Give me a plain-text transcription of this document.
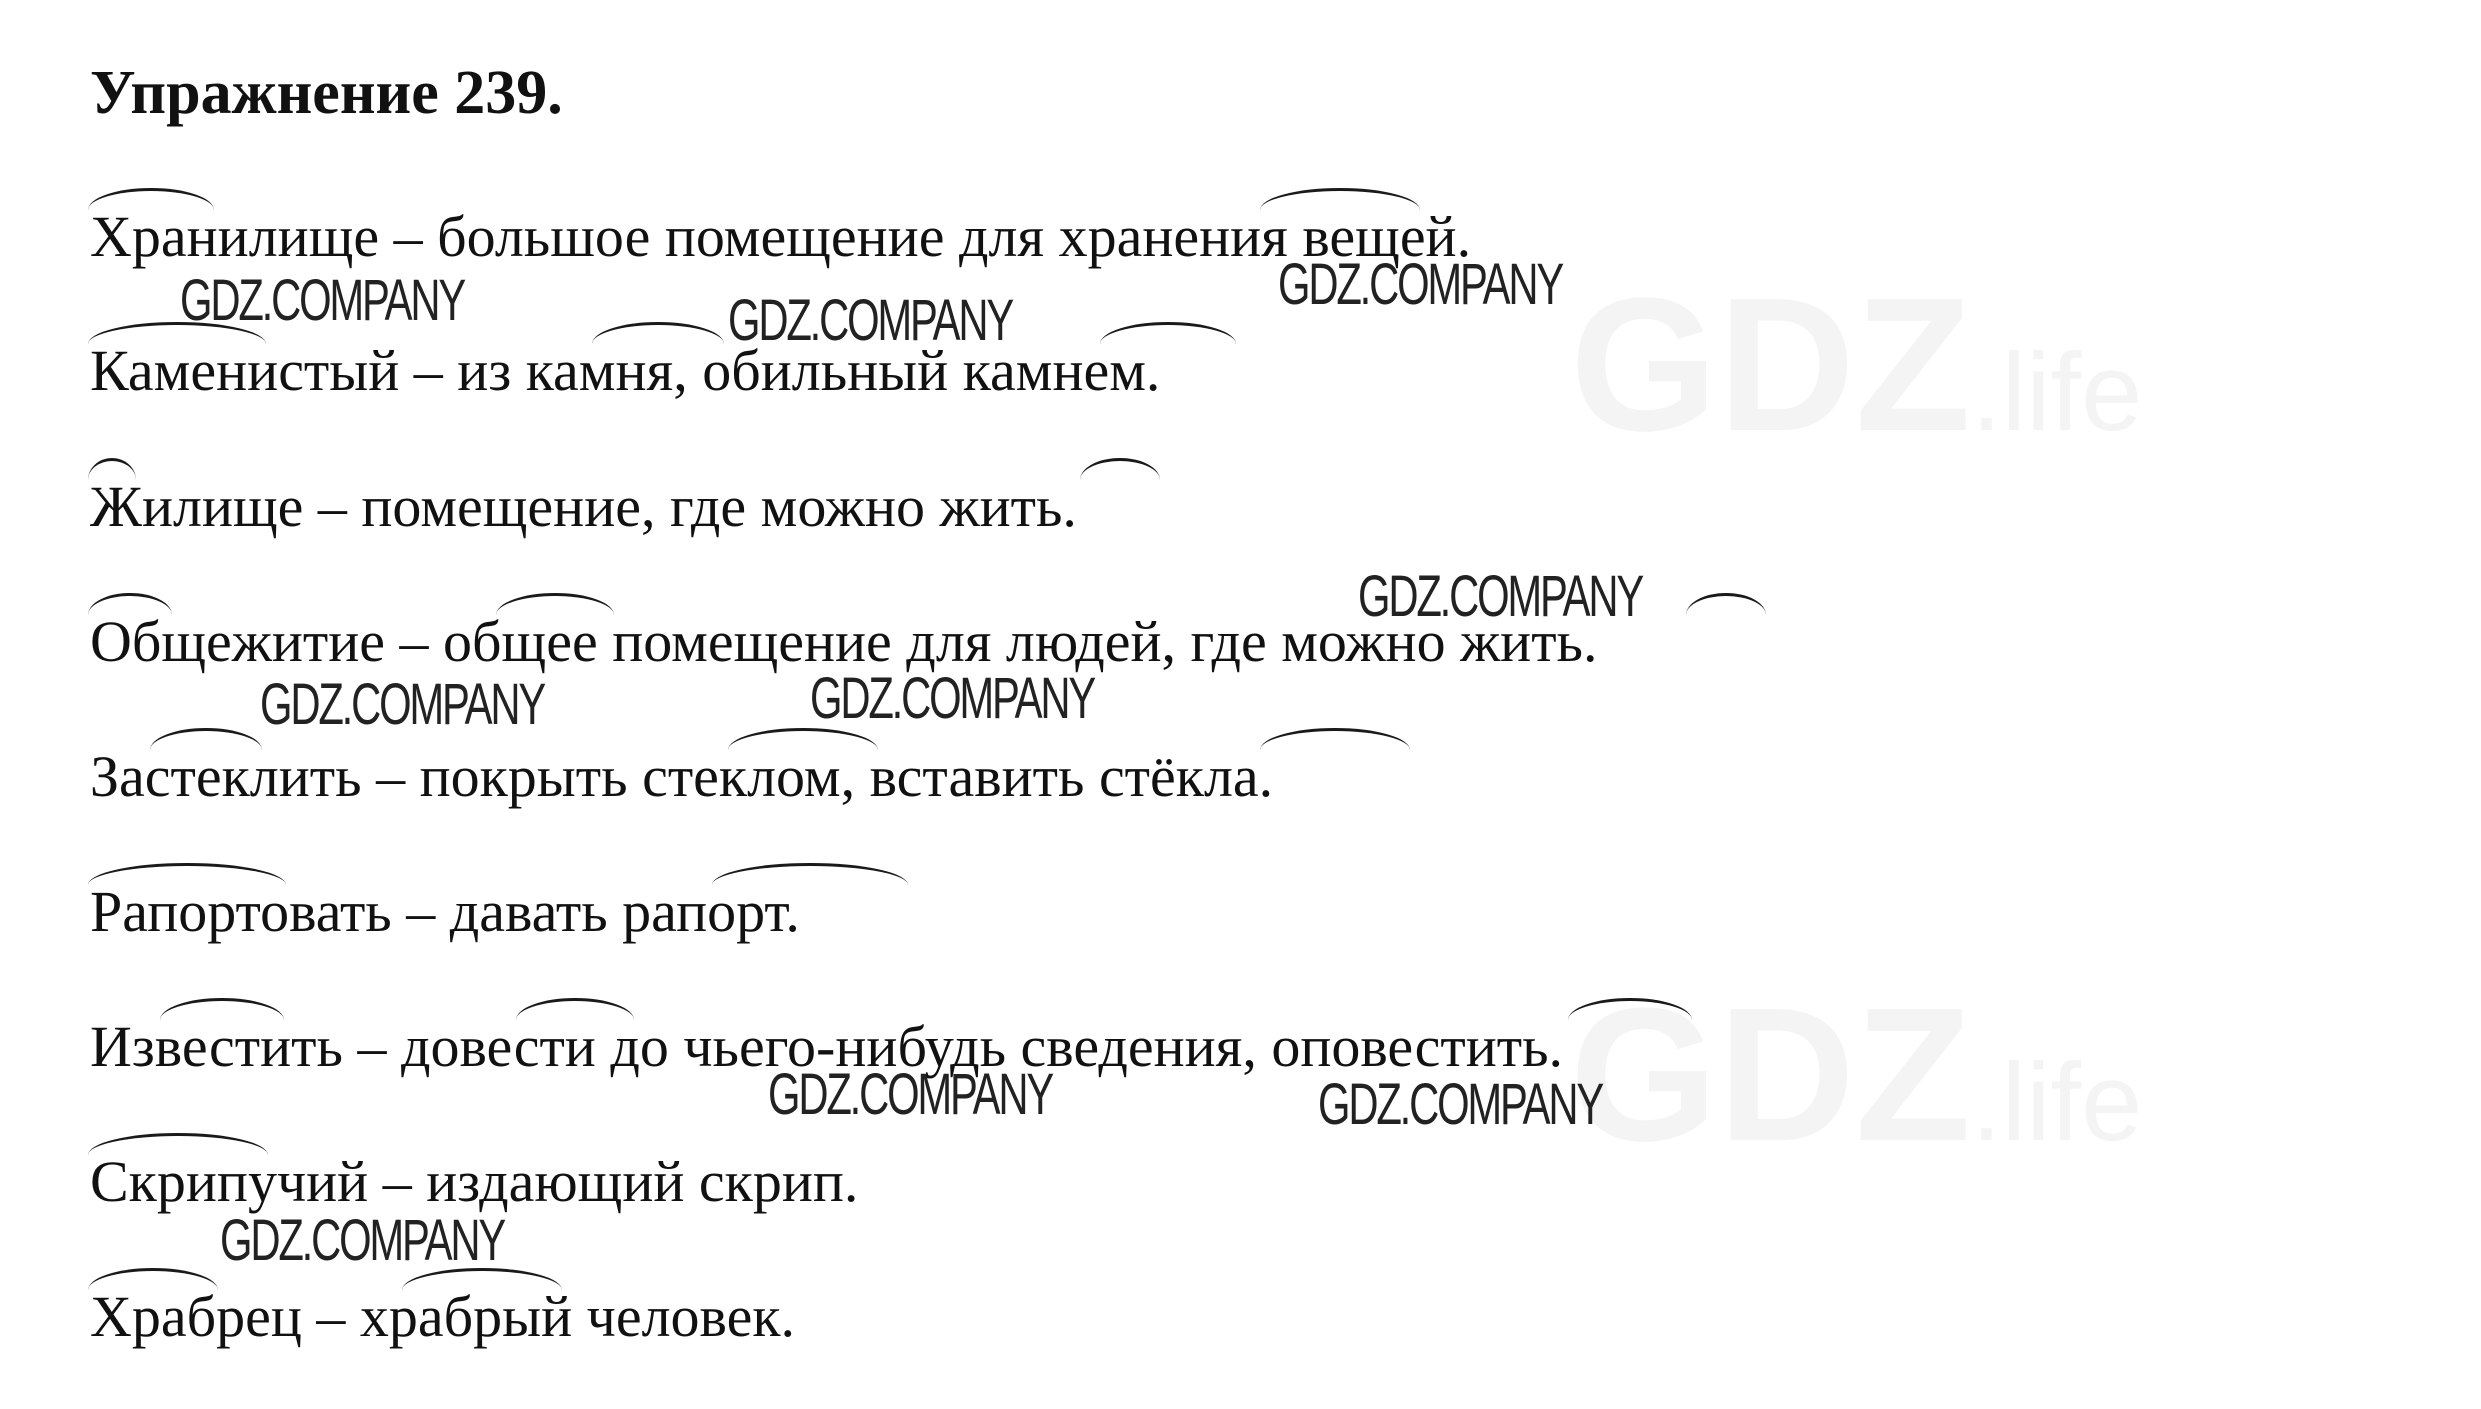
GDZ.life
GDZ.life
Упражнение 239.
Хранилище – большое помещение для хранения вещей.
Каменистый – из камня, обильный камнем.
Жилище – помещение, где можно жить.
Общежитие – общее помещение для людей, где можно жить.
Застеклить – покрыть стеклом, вставить стёкла.
Рапортовать – давать рапорт.
Известить – довести до чьего-нибудь сведения, оповестить.
Скрипучий – издающий скрип.
Храбрец – храбрый человек.
GDZ.COMPANY	GDZ.COMPANY
GDZ.COMPANY
GDZ.COMPANY
GDZ.COMPANY	GDZ.COMPANY
GDZ.COMPANY	GDZ.COMPANY
GDZ.COMPANY
